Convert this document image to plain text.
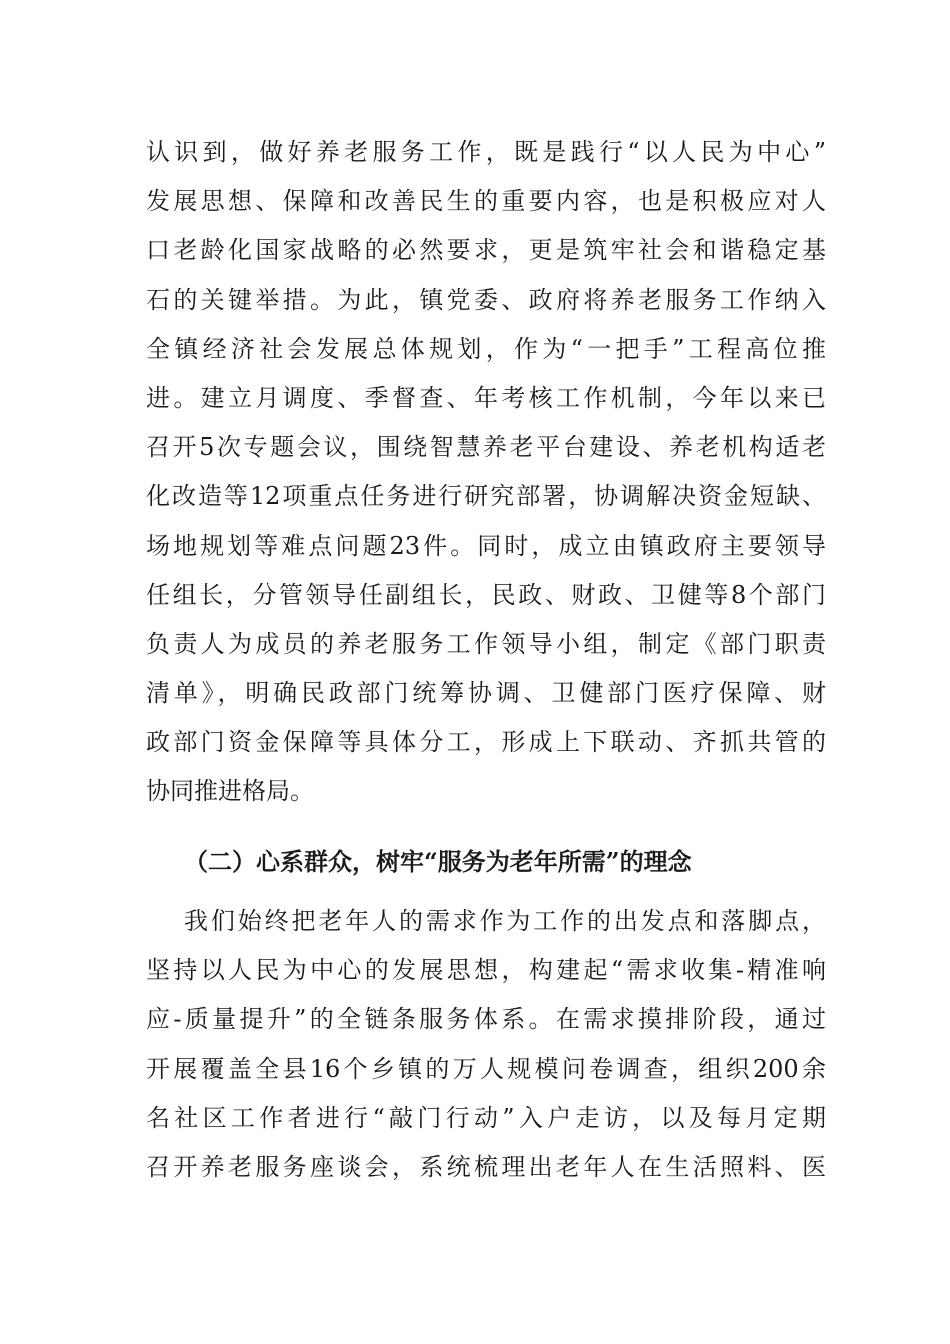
认识到，做好养老服务工作，既是践行“以人民为中心”
发展思想、保障和改善民生的重要内容，也是积极应对人
口老龄化国家战略的必然要求，更是筑牢社会和谐稳定基
石的关键举措。为此，镇党委、政府将养老服务工作纳入
全镇经济社会发展总体规划，作为“一把手”工程高位推
进。建立月调度、季督查、年考核工作机制，今年以来已
召开5次专题会议，围绕智慧养老平台建设、养老机构适老
化改造等12项重点任务进行研究部署，协调解决资金短缺、
场地规划等难点问题23件。同时，成立由镇政府主要领导
任组长，分管领导任副组长，民政、财政、卫健等8个部门
负责人为成员的养老服务工作领导小组，制定《部门职责
清单》，明确民政部门统筹协调、卫健部门医疗保障、财
政部门资金保障等具体分工，形成上下联动、齐抓共管的
协同推进格局。
（二）心系群众，树牢“服务为老年所需”的理念
我们始终把老年人的需求作为工作的出发点和落脚点，
坚持以人民为中心的发展思想，构建起“需求收集-精准响
应-质量提升”的全链条服务体系。在需求摸排阶段，通过
开展覆盖全县16个乡镇的万人规模问卷调查，组织200余
名社区工作者进行“敲门行动”入户走访，以及每月定期
召开养老服务座谈会，系统梳理出老年人在生活照料、医
